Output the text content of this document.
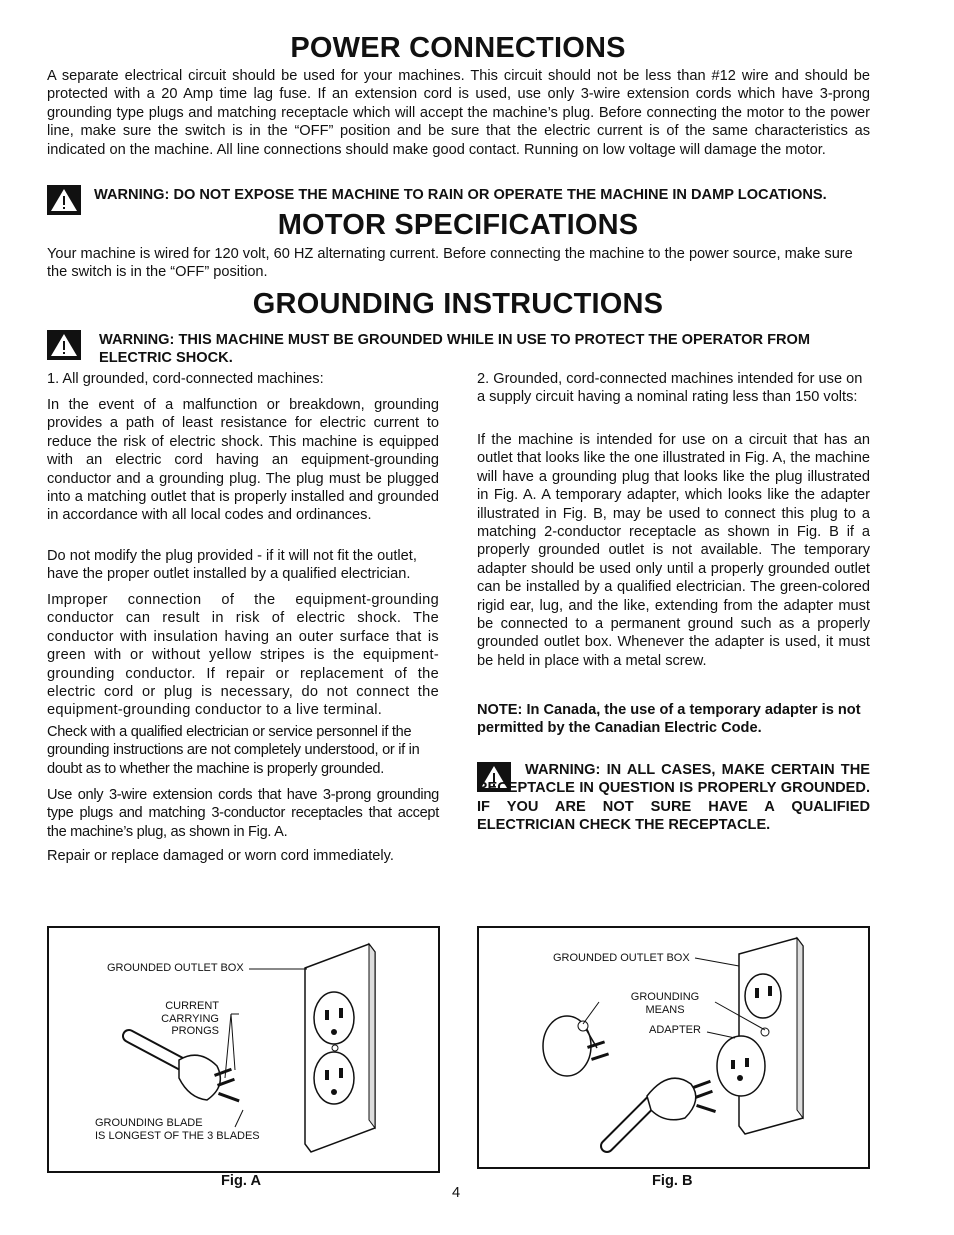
POWER CONNECTIONS

A separate electrical circuit should be used for your machines. This circuit should not be less than #12 wire and should be protected with a 20 Amp time lag fuse. If an extension cord is used, use only 3-wire extension cords which have 3-prong grounding type plugs and matching receptacle which will accept the machine’s plug. Before connecting the motor to the power line, make sure the switch is in the “OFF” position and be sure that the electric current is of the same characteristics as indicated on the machine. All line connections should make good contact. Running on low voltage will damage the motor.

WARNING: DO NOT EXPOSE THE MACHINE TO RAIN OR OPERATE THE MACHINE IN DAMP LOCATIONS.

MOTOR SPECIFICATIONS

Your machine is wired for 120 volt, 60 HZ alternating current. Before connecting the machine to the power source, make sure the switch is in the “OFF” position.

GROUNDING INSTRUCTIONS

WARNING: THIS MACHINE MUST BE GROUNDED WHILE IN USE TO PROTECT THE OPERATOR FROM ELECTRIC SHOCK.

1. All grounded, cord-connected machines:

In the event of a malfunction or breakdown, grounding provides a path of least resistance for electric current to reduce the risk of electric shock. This machine is equipped with an electric cord having an equipment-grounding conductor and a grounding plug. The plug must be plugged into a matching outlet that is properly installed and grounded in accordance with all local codes and ordinances.

Do not modify the plug provided - if it will not fit the outlet, have the proper outlet installed by a qualified electrician.

Improper connection of the equipment-grounding conductor can result in risk of electric shock. The conductor with insulation having an outer surface that is green with or without yellow stripes is the equipment-grounding conductor. If repair or replacement of the electric cord or plug is necessary, do not connect the equipment-grounding conductor to a live terminal.

Check with a qualified electrician or service personnel if the grounding instructions are not completely understood, or if in doubt as to whether the machine is properly grounded.

Use only 3-wire extension cords that have 3-prong grounding type plugs and matching 3-conductor receptacles that accept the machine’s plug, as shown in Fig. A.

Repair or replace damaged or worn cord immediately.

2. Grounded, cord-connected machines intended for use on a supply circuit having a nominal rating less than 150 volts:

If the machine is intended for use on a circuit that has an outlet that looks like the one illustrated in Fig. A, the machine will have a grounding plug that looks like the plug illustrated in Fig. A. A temporary adapter, which looks like the adapter illustrated in Fig. B, may be used to connect this plug to a matching 2-conductor receptacle as shown in Fig. B if a properly grounded outlet is not available. The temporary adapter should be used only until a properly grounded outlet can be installed by a qualified electrician. The green-colored rigid ear, lug, and the like, extending from the adapter must be connected to a permanent ground such as a properly grounded outlet box. Whenever the adapter is used, it must be held in place with a metal screw.

NOTE: In Canada, the use of a temporary adapter is not permitted by the Canadian Electric Code.

WARNING: IN ALL CASES, MAKE CERTAIN THE RECEPTACLE IN QUESTION IS PROPERLY GROUNDED. IF YOU ARE NOT SURE HAVE A QUALIFIED ELECTRICIAN CHECK THE RECEPTACLE.

GROUNDED OUTLET BOX
CURRENT
CARRYING
PRONGS
GROUNDING BLADE
IS LONGEST OF THE 3 BLADES
Fig. A
GROUNDED OUTLET BOX
GROUNDING
MEANS
ADAPTER
Fig. B
4
